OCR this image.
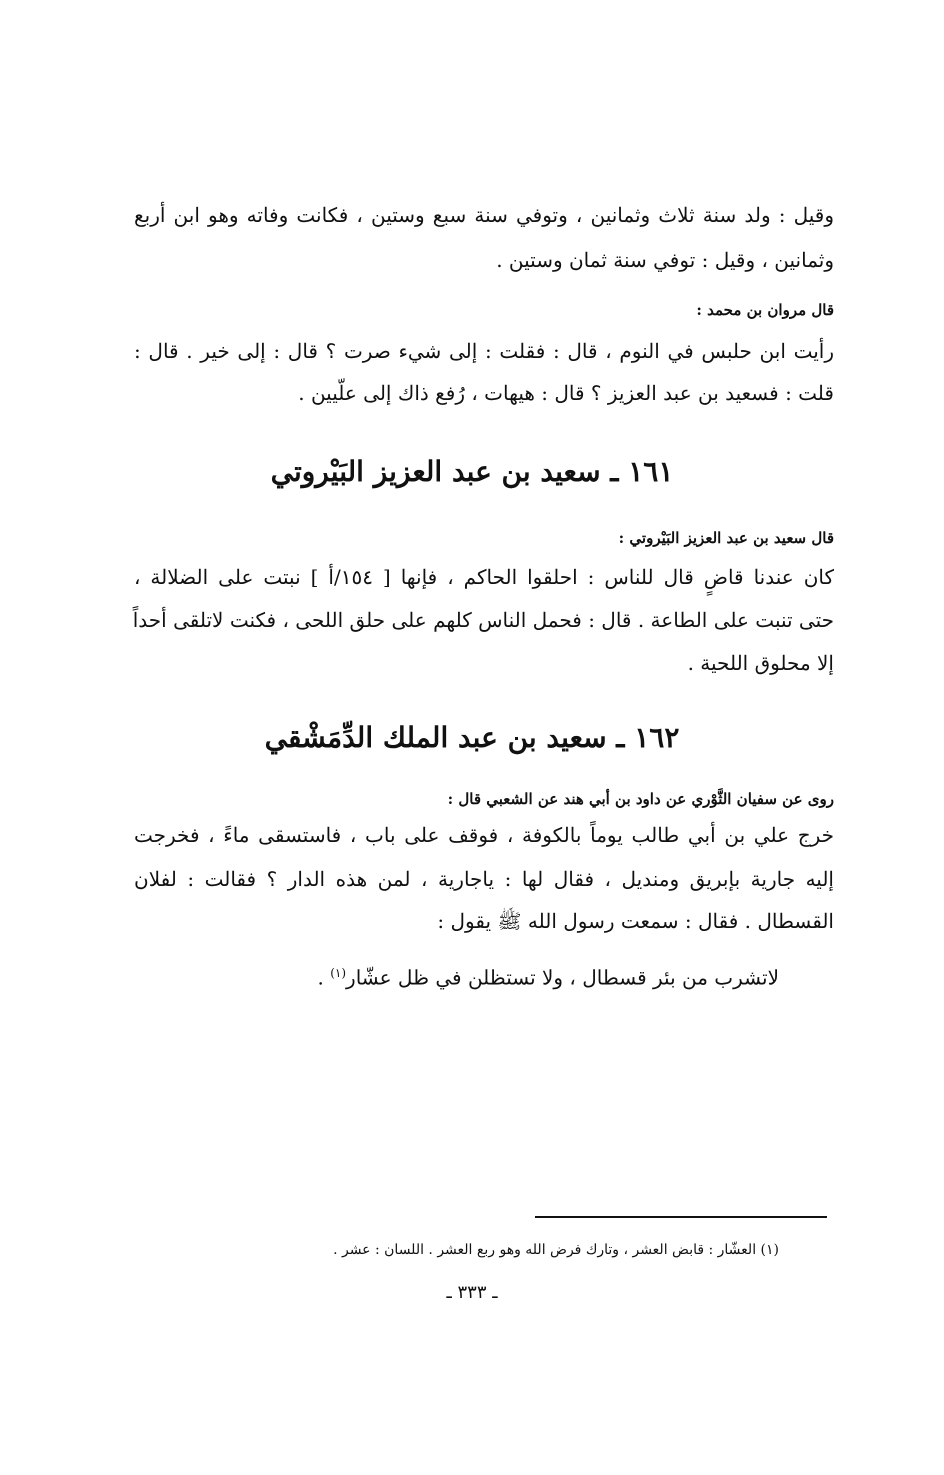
وقيل : ولد سنة ثلاث وثمانين ، وتوفي سنة سبع وستين ، فكانت وفاته وهو ابن أربع
وثمانين ، وقيل : توفي سنة ثمان وستين .
قال مروان بن محمد :
رأيت ابن حلبس في النوم ، قال : فقلت : إلى شيء صرت ؟ قال : إلى خير . قال :
قلت : فسعيد بن عبد العزيز ؟ قال : هيهات ، رُفع ذاك إلى علّيين .
١٦١ ـ سعيد بن عبد العزيز البَيْروتي
قال سعيد بن عبد العزيز البَيْروتي :
كان عندنا قاضٍ قال للناس : احلقوا الحاكم ، فإنها [ ١٥٤/أ ] نبتت على الضلالة ،
حتى تنبت على الطاعة . قال : فحمل الناس كلهم على حلق اللحى ، فكنت لاتلقى أحداً
إلا محلوق اللحية .
١٦٢ ـ سعيد بن عبد الملك الدِّمَشْقي
روى عن سفيان الثَّوْري عن داود بن أبي هند عن الشعبي قال :
خرج علي بن أبي طالب يوماً بالكوفة ، فوقف على باب ، فاستسقى ماءً ، فخرجت
إليه جارية بإبريق ومنديل ، فقال لها : ياجارية ، لمن هذه الدار ؟ فقالت : لفلان
القسطال . فقال : سمعت رسول الله ﷺ يقول :
لاتشرب من بئر قسطال ، ولا تستظلن في ظل عشّار$^{(١)}$ .
(١) العشّار : قابض العشر ، وتارك فرض الله وهو ربع العشر . اللسان : عشر .
ـ ٣٣٣ ـ
